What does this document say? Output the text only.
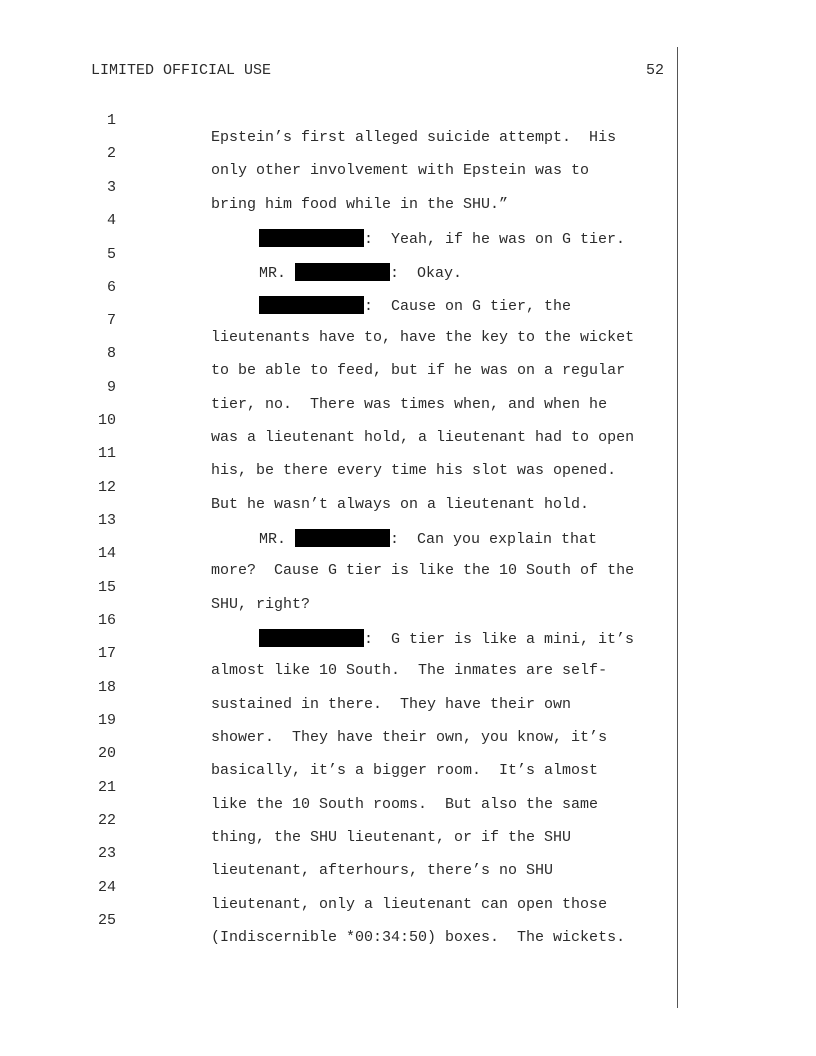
LIMITED OFFICIAL USE	52

1

Epstein’s first alleged suicide attempt.  His

2

only other involvement with Epstein was to

3

bring him food while in the SHU.”

4

:  Yeah, if he was on G tier.

5

MR.	:  Okay.

6

:  Cause on G tier, the

7

lieutenants have to, have the key to the wicket

8

to be able to feed, but if he was on a regular

9

tier, no.  There was times when, and when he

10

was a lieutenant hold, a lieutenant had to open

11

his, be there every time his slot was opened.

12

But he wasn’t always on a lieutenant hold.

13

MR.	:  Can you explain that

14

more?  Cause G tier is like the 10 South of the

15

SHU, right?

16

:  G tier is like a mini, it’s

17

almost like 10 South.  The inmates are self-

18

sustained in there.  They have their own

19

shower.  They have their own, you know, it’s

20

basically, it’s a bigger room.  It’s almost

21

like the 10 South rooms.  But also the same

22

thing, the SHU lieutenant, or if the SHU

23

lieutenant, afterhours, there’s no SHU

24

lieutenant, only a lieutenant can open those

25

(Indiscernible *00:34:50) boxes.  The wickets.
